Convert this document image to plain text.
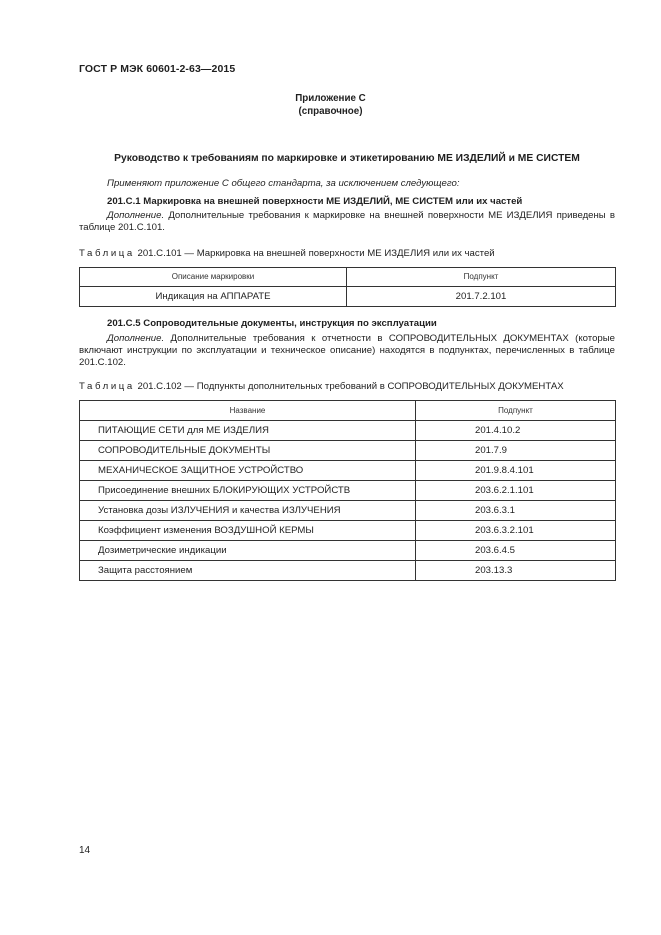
ГОСТ Р МЭК 60601-2-63—2015
Приложение C
(справочное)
Руководство к требованиям по маркировке и этикетированию МЕ ИЗДЕЛИЙ и МЕ СИСТЕМ
Применяют приложение С общего стандарта, за исключением следующего:
201.C.1 Маркировка на внешней поверхности МЕ ИЗДЕЛИЙ, МЕ СИСТЕМ или их частей
Дополнение. Дополнительные требования к маркировке на внешней поверхности МЕ ИЗДЕЛИЯ приведены в таблице 201.C.101.
Таблица 201.C.101 — Маркировка на внешней поверхности МЕ ИЗДЕЛИЯ или их частей
Описание маркировки	Подпункт
Индикация на АППАРАТЕ	201.7.2.101
201.C.5 Сопроводительные документы, инструкция по эксплуатации
Дополнение. Дополнительные требования к отчетности в СОПРОВОДИТЕЛЬНЫХ ДОКУМЕНТАХ (которые включают инструкции по эксплуатации и техническое описание) находятся в подпунктах, перечисленных в таблице 201.C.102.
Таблица 201.C.102 — Подпункты дополнительных требований в СОПРОВОДИТЕЛЬНЫХ ДОКУМЕНТАХ
Название	Подпункт
ПИТАЮЩИЕ СЕТИ для МЕ ИЗДЕЛИЯ	201.4.10.2
СОПРОВОДИТЕЛЬНЫЕ ДОКУМЕНТЫ	201.7.9
МЕХАНИЧЕСКОЕ ЗАЩИТНОЕ УСТРОЙСТВО	201.9.8.4.101
Присоединение внешних БЛОКИРУЮЩИХ УСТРОЙСТВ	203.6.2.1.101
Установка дозы ИЗЛУЧЕНИЯ и качества ИЗЛУЧЕНИЯ	203.6.3.1
Коэффициент изменения ВОЗДУШНОЙ КЕРМЫ	203.6.3.2.101
Дозиметрические индикации	203.6.4.5
Защита расстоянием	203.13.3
14
